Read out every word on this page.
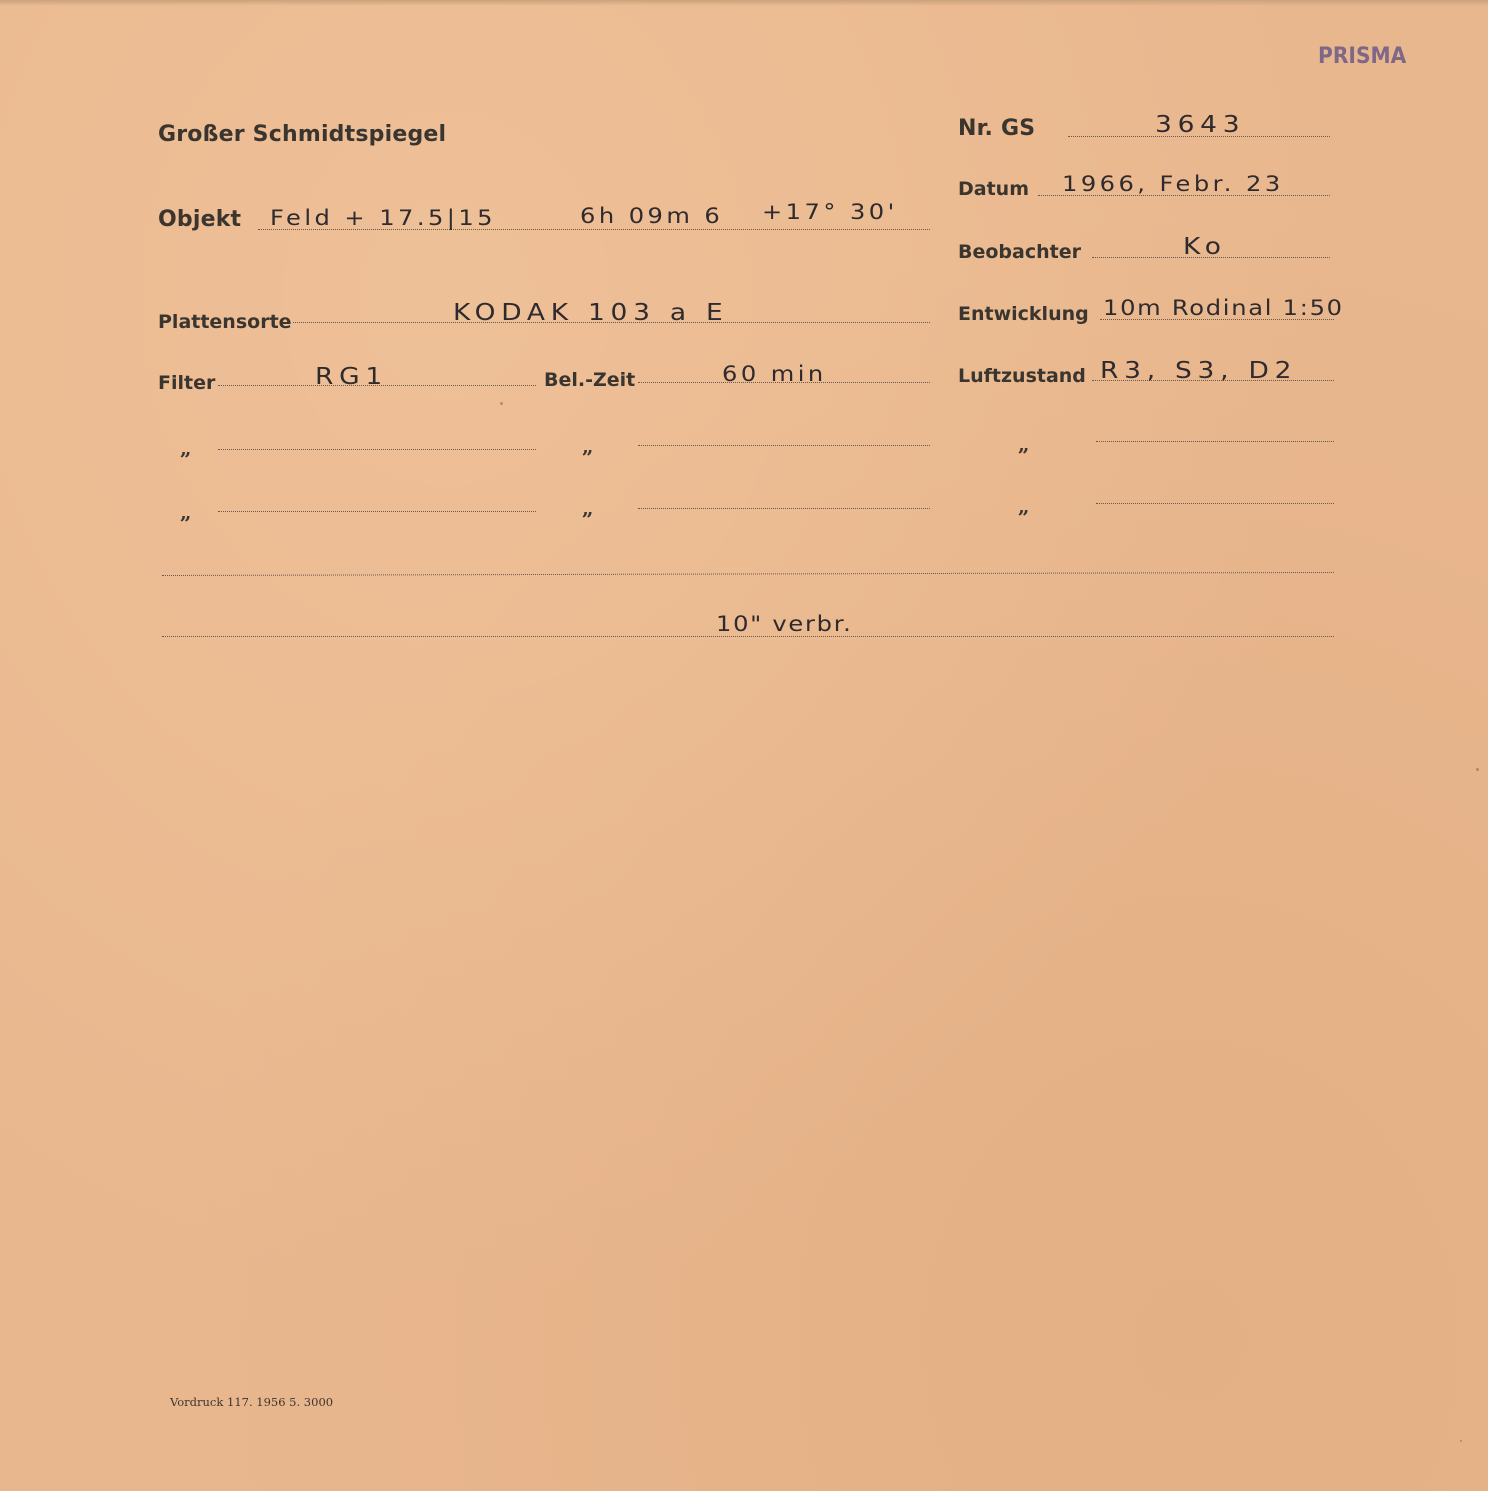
PRISMA
Großer Schmidtspiegel	Nr. GS	3643
Datum 1966, Febr. 23
Objekt Feld + 17.5|15	6h 09m 6 +17° 30'
Beobachter	Ko
Plattensorte	KODAK 103 a E	Entwicklung 10m Rodinal 1:50
Filter	RG1	Bel.-Zeit	60 min	Luftzustand R3, S3, D2
„	„	„
„	„	„
10" verbr.
Vordruck 117. 1956 5. 3000
